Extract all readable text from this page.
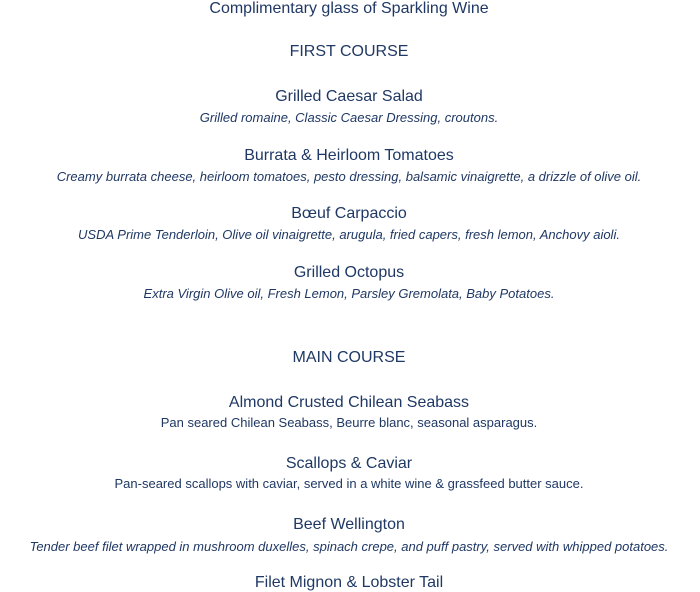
Complimentary glass of Sparkling Wine
FIRST COURSE
Grilled Caesar Salad
Grilled romaine, Classic Caesar Dressing, croutons.
Burrata & Heirloom Tomatoes
Creamy burrata cheese, heirloom tomatoes, pesto dressing, balsamic vinaigrette, a drizzle of olive oil.
Bœuf Carpaccio
USDA Prime Tenderloin, Olive oil vinaigrette, arugula, fried capers, fresh lemon, Anchovy aioli.
Grilled Octopus
Extra Virgin Olive oil, Fresh Lemon, Parsley Gremolata, Baby Potatoes.
MAIN COURSE
Almond Crusted Chilean Seabass
Pan seared Chilean Seabass, Beurre blanc, seasonal asparagus.
Scallops & Caviar
Pan-seared scallops with caviar, served in a white wine & grassfeed butter sauce.
Beef Wellington
Tender beef filet wrapped in mushroom duxelles, spinach crepe, and puff pastry, served with whipped potatoes.
Filet Mignon & Lobster Tail
